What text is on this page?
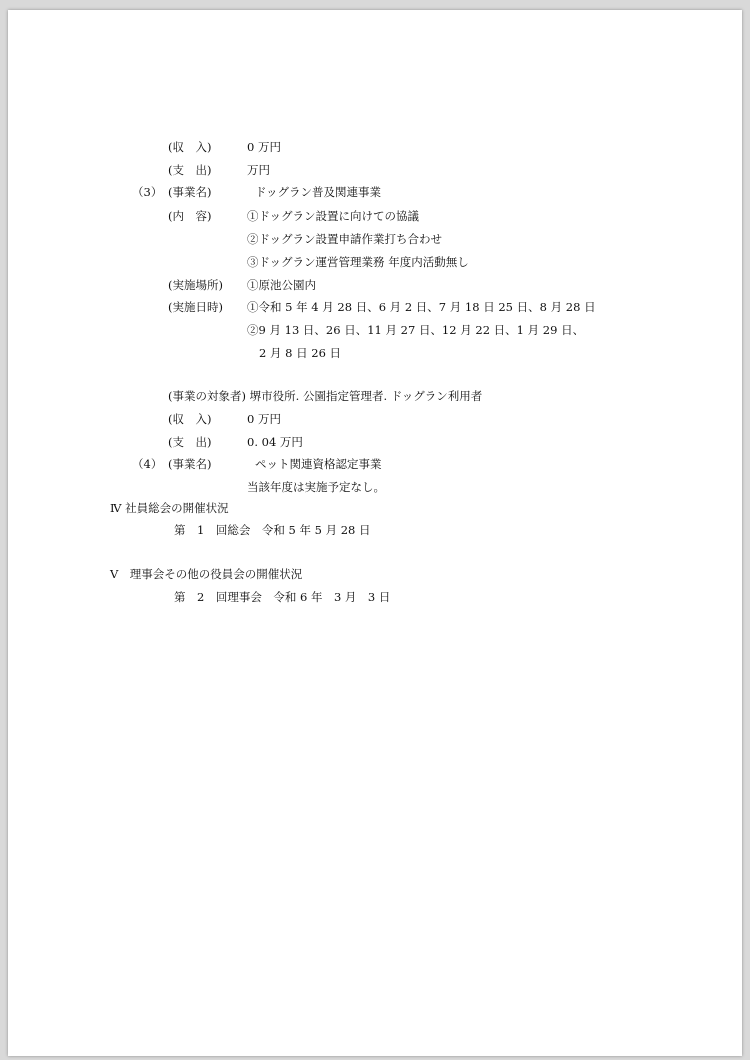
(収　入)	0 万円
(支　出)	万円
（3） (事業名)	ドッグラン普及関連事業
(内　容)	①ドッグラン設置に向けての協議
②ドッグラン設置申請作業打ち合わせ
③ドッグラン運営管理業務 年度内活動無し
(実施場所) ①原池公園内
(実施日時) ①令和 5 年 4 月 28 日、6 月 2 日、7 月 18 日 25 日、8 月 28 日
②9 月 13 日、26 日、11 月 27 日、12 月 22 日、1 月 29 日、
2 月 8 日 26 日
(事業の対象者) 堺市役所. 公園指定管理者. ドッグラン利用者
(収　入)	0 万円
(支　出)	0. 04 万円
（4） (事業名)	ペット関連資格認定事業
当該年度は実施予定なし。
Ⅳ 社員総会の開催状況
第　1　回総会　令和 5 年 5 月 28 日
Ⅴ　理事会その他の役員会の開催状況
第　2　回理事会　令和 6 年　3 月　3 日
